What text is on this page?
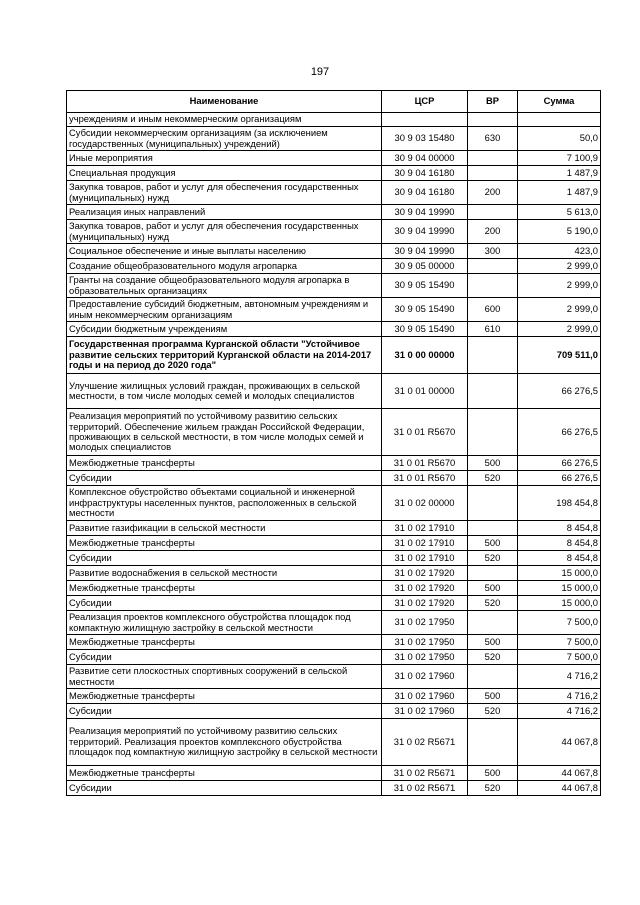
197
Наименование	ЦСР	ВР	Сумма
учреждениям и иным некоммерческим организациям			
Субсидии некоммерческим организациям (за исключением государственных (муниципальных) учреждений)	30 9 03 15480	630	50,0
Иные мероприятия	30 9 04 00000		7 100,9
Специальная продукция	30 9 04 16180		1 487,9
Закупка товаров, работ и услуг для обеспечения государственных (муниципальных) нужд	30 9 04 16180	200	1 487,9
Реализация иных направлений	30 9 04 19990		5 613,0
Закупка товаров, работ и услуг для обеспечения государственных (муниципальных) нужд	30 9 04 19990	200	5 190,0
Социальное обеспечение и иные выплаты населению	30 9 04 19990	300	423,0
Создание общеобразовательного модуля агропарка	30 9 05 00000		2 999,0
Гранты на создание общеобразовательного модуля агропарка в образовательных организациях	30 9 05 15490		2 999,0
Предоставление субсидий бюджетным, автономным учреждениям и иным некоммерческим организациям	30 9 05 15490	600	2 999,0
Субсидии бюджетным учреждениям	30 9 05 15490	610	2 999,0
Государственная программа Курганской области "Устойчивое развитие сельских территорий Курганской области на 2014-2017 годы и на период до 2020 года"	31 0 00 00000		709 511,0
Улучшение жилищных условий граждан, проживающих в сельской местности, в том числе молодых семей и молодых специалистов	31 0 01 00000		66 276,5
Реализация мероприятий по устойчивому развитию сельских территорий. Обеспечение жильем граждан Российской Федерации, проживающих в сельской местности, в том числе молодых семей и молодых специалистов	31 0 01 R5670		66 276,5
Межбюджетные трансферты	31 0 01 R5670	500	66 276,5
Субсидии	31 0 01 R5670	520	66 276,5
Комплексное обустройство объектами социальной и инженерной инфраструктуры населенных пунктов, расположенных в сельской местности	31 0 02 00000		198 454,8
Развитие газификации в сельской местности	31 0 02 17910		8 454,8
Межбюджетные трансферты	31 0 02 17910	500	8 454,8
Субсидии	31 0 02 17910	520	8 454,8
Развитие водоснабжения в сельской местности	31 0 02 17920		15 000,0
Межбюджетные трансферты	31 0 02 17920	500	15 000,0
Субсидии	31 0 02 17920	520	15 000,0
Реализация проектов комплексного обустройства площадок под компактную жилищную застройку в сельской местности	31 0 02 17950		7 500,0
Межбюджетные трансферты	31 0 02 17950	500	7 500,0
Субсидии	31 0 02 17950	520	7 500,0
Развитие сети плоскостных спортивных сооружений в сельской местности	31 0 02 17960		4 716,2
Межбюджетные трансферты	31 0 02 17960	500	4 716,2
Субсидии	31 0 02 17960	520	4 716,2
Реализация мероприятий по устойчивому развитию сельских территорий. Реализация проектов комплексного обустройства площадок под компактную жилищную застройку в сельской местности	31 0 02 R5671		44 067,8
Межбюджетные трансферты	31 0 02 R5671	500	44 067,8
Субсидии	31 0 02 R5671	520	44 067,8
